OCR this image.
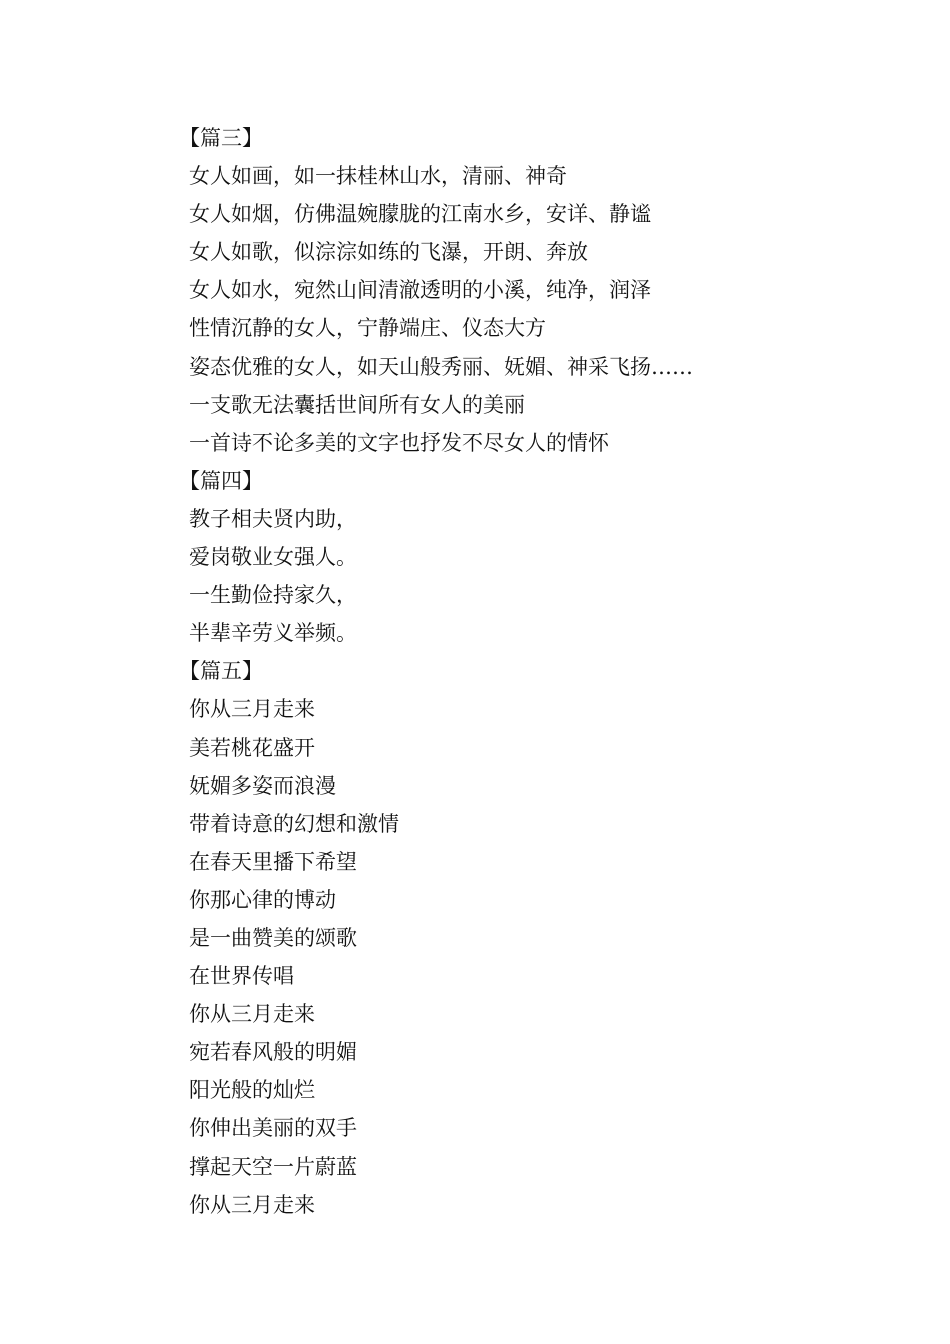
【篇三】
女人如画，如一抹桂林山水，清丽、神奇
女人如烟，仿佛温婉朦胧的江南水乡，安详、静谧
女人如歌，似淙淙如练的飞瀑，开朗、奔放
女人如水，宛然山间清澈透明的小溪，纯净，润泽
性情沉静的女人，宁静端庄、仪态大方
姿态优雅的女人，如天山般秀丽、妩媚、神采飞扬……
一支歌无法囊括世间所有女人的美丽
一首诗不论多美的文字也抒发不尽女人的情怀
【篇四】
教子相夫贤内助，
爱岗敬业女强人。
一生勤俭持家久，
半辈辛劳义举频。
【篇五】
你从三月走来
美若桃花盛开
妩媚多姿而浪漫
带着诗意的幻想和激情
在春天里播下希望
你那心律的博动
是一曲赞美的颂歌
在世界传唱
你从三月走来
宛若春风般的明媚
阳光般的灿烂
你伸出美丽的双手
撑起天空一片蔚蓝
你从三月走来
